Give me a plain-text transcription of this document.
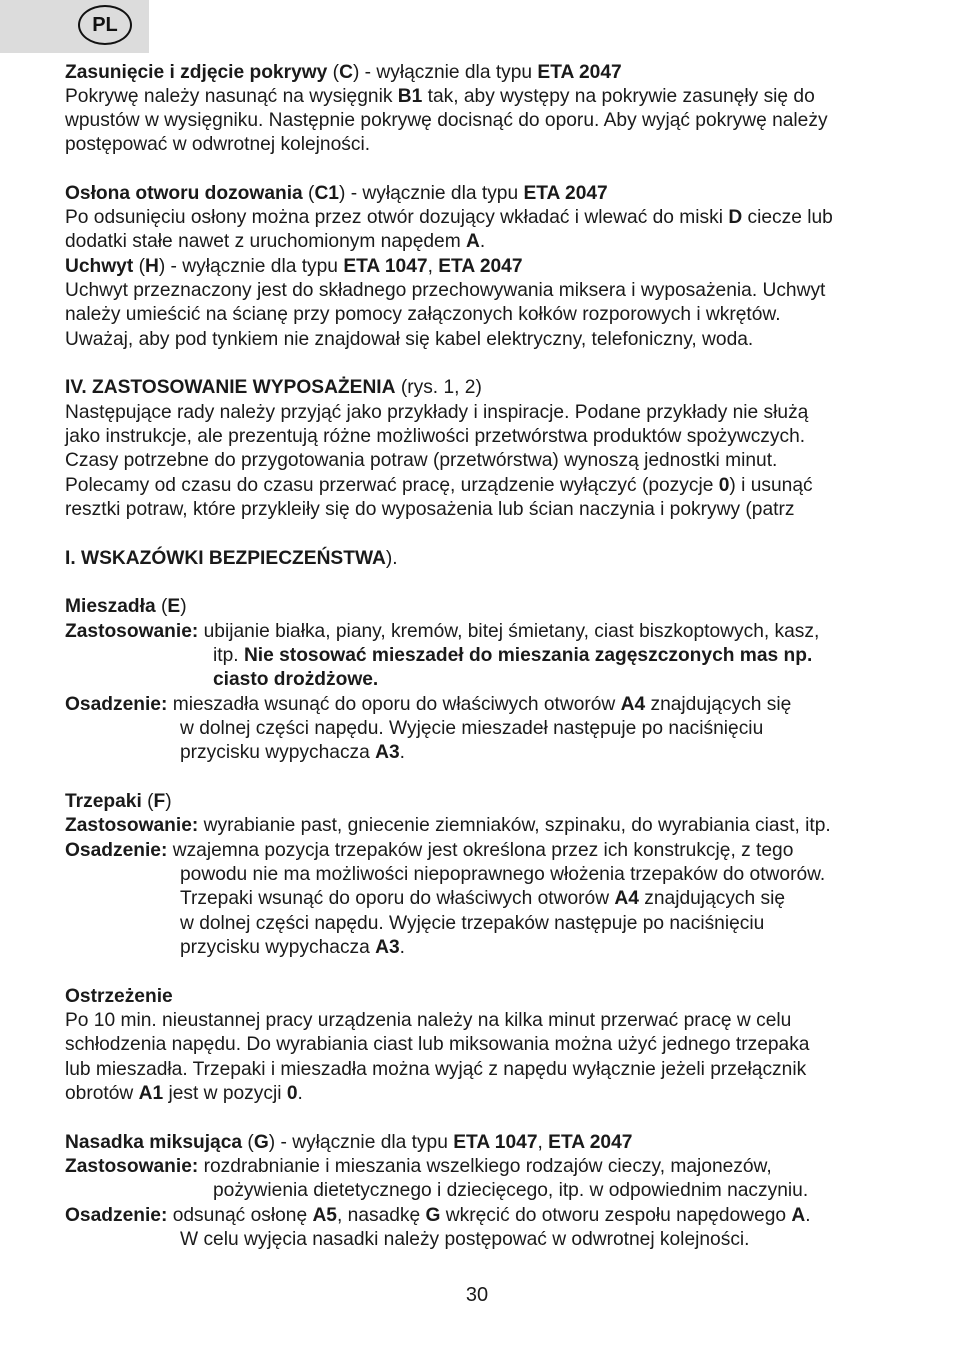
PL
Zasunięcie i zdjęcie pokrywy (C) - wyłącznie dla typu ETA 2047
Pokrywę należy nasunąć na wysięgnik B1 tak, aby występy na pokrywie zasunęły się do
wpustów w wysięgniku. Następnie pokrywę docisnąć do oporu. Aby wyjąć pokrywę należy
postępować w odwrotnej kolejności.
Osłona otworu dozowania (C1) - wyłącznie dla typu ETA 2047
Po odsunięciu osłony można przez otwór dozujący wkładać i wlewać do miski D ciecze lub
dodatki stałe nawet z uruchomionym napędem A.
Uchwyt (H) - wyłącznie dla typu ETA 1047, ETA 2047
Uchwyt przeznaczony jest do składnego przechowywania miksera i wyposażenia. Uchwyt
należy umieścić na ścianę przy pomocy załączonych kołków rozporowych i wkrętów.
Uważaj, aby pod tynkiem nie znajdował się kabel elektryczny, telefoniczny, woda.
IV. ZASTOSOWANIE WYPOSAŻENIA (rys. 1, 2)
Następujące rady należy przyjąć jako przykłady i inspiracje. Podane przykłady nie służą
jako instrukcje, ale prezentują różne możliwości przetwórstwa produktów spożywczych.
Czasy potrzebne do przygotowania potraw (przetwórstwa) wynoszą jednostki minut.
Polecamy od czasu do czasu przerwać pracę, urządzenie wyłączyć (pozycje 0) i usunąć
resztki potraw, które przykleiły się do wyposażenia lub ścian naczynia i pokrywy (patrz
I. WSKAZÓWKI BEZPIECZEŃSTWA).
Mieszadła (E)
Zastosowanie: ubijanie białka, piany, kremów, bitej śmietany, ciast biszkoptowych, kasz,
itp. Nie stosować mieszadeł do mieszania zagęszczonych mas np.
ciasto drożdżowe.
Osadzenie: mieszadła wsunąć do oporu do właściwych otworów A4 znajdujących się
w dolnej części napędu. Wyjęcie mieszadeł następuje po naciśnięciu
przycisku wypychacza A3.
Trzepaki (F)
Zastosowanie: wyrabianie past, gniecenie ziemniaków, szpinaku, do wyrabiania ciast, itp.
Osadzenie: wzajemna pozycja trzepaków jest określona przez ich konstrukcję, z tego
powodu nie ma możliwości niepoprawnego włożenia trzepaków do otworów.
Trzepaki wsunąć do oporu do właściwych otworów A4 znajdujących się
w dolnej części napędu. Wyjęcie trzepaków następuje po naciśnięciu
przycisku wypychacza A3.
Ostrzeżenie
Po 10 min. nieustannej pracy urządzenia należy na kilka minut przerwać pracę w celu
schłodzenia napędu. Do wyrabiania ciast lub miksowania można użyć jednego trzepaka
lub mieszadła. Trzepaki i mieszadła można wyjąć z napędu wyłącznie jeżeli przełącznik
obrotów A1 jest w pozycji 0.
Nasadka miksująca (G) - wyłącznie dla typu ETA 1047, ETA 2047
Zastosowanie: rozdrabnianie i mieszania wszelkiego rodzajów cieczy, majonezów,
pożywienia dietetycznego i dziecięcego, itp. w odpowiednim naczyniu.
Osadzenie: odsunąć osłonę A5, nasadkę G wkręcić do otworu zespołu napędowego A.
W celu wyjęcia nasadki należy postępować w odwrotnej kolejności.
30
